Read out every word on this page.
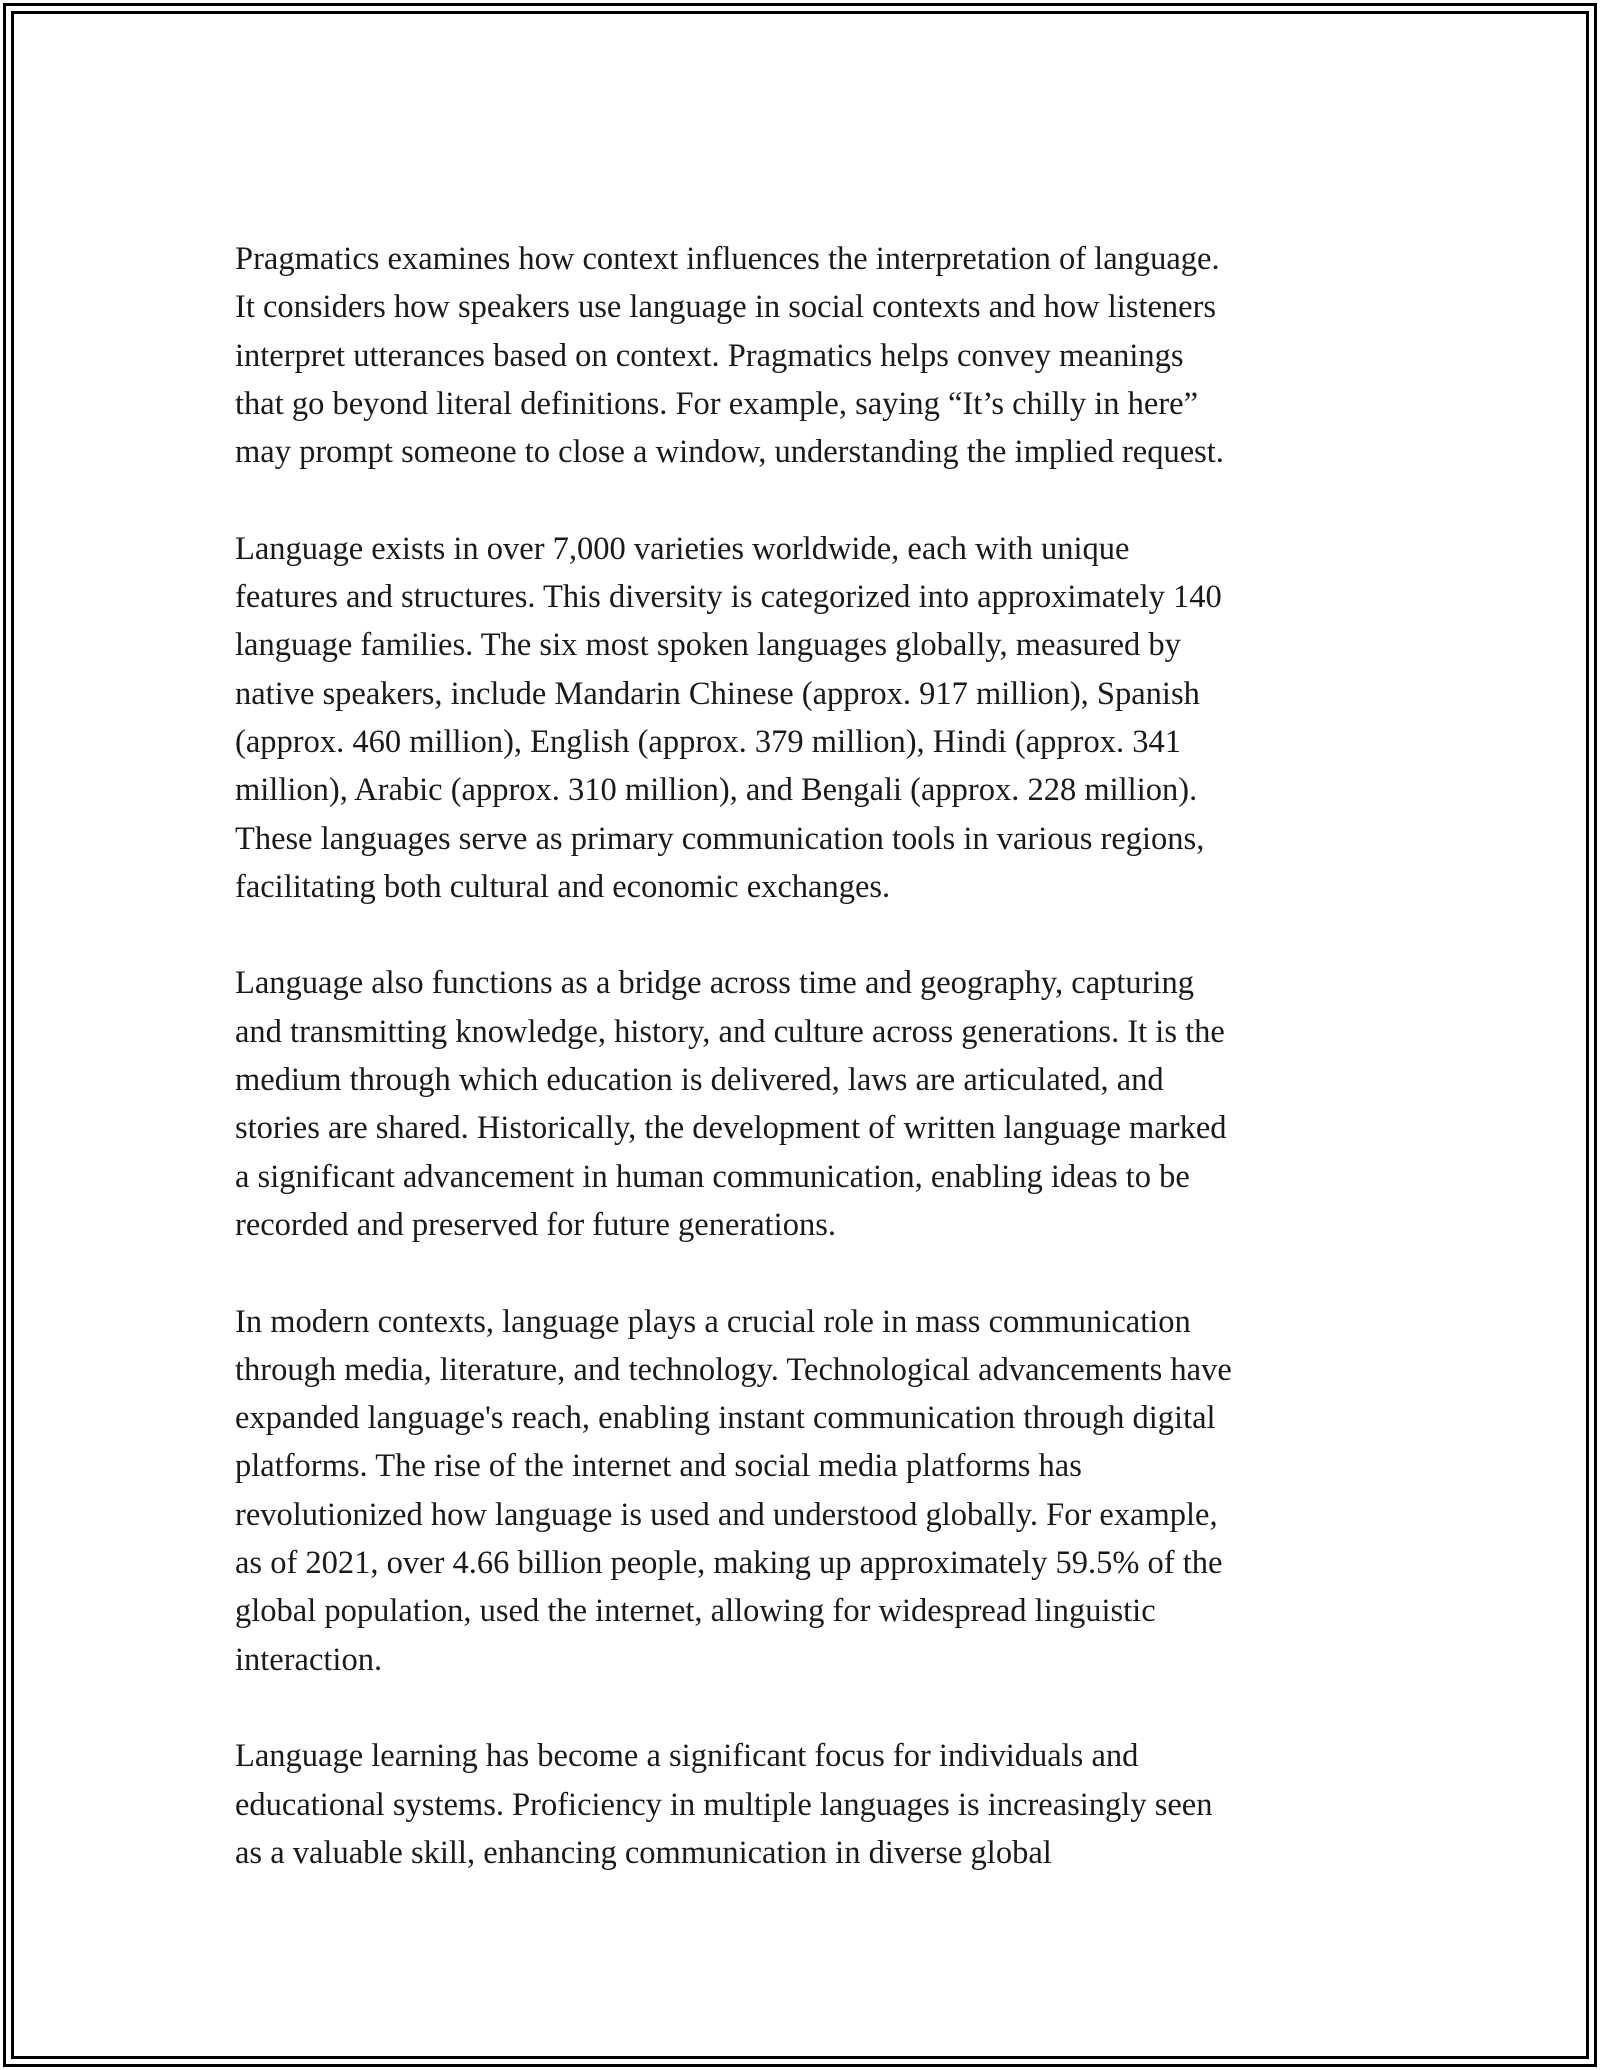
Pragmatics examines how context influences the interpretation of language.
It considers how speakers use language in social contexts and how listeners
interpret utterances based on context. Pragmatics helps convey meanings
that go beyond literal definitions. For example, saying “It’s chilly in here”
may prompt someone to close a window, understanding the implied request.
Language exists in over 7,000 varieties worldwide, each with unique
features and structures. This diversity is categorized into approximately 140
language families. The six most spoken languages globally, measured by
native speakers, include Mandarin Chinese (approx. 917 million), Spanish
(approx. 460 million), English (approx. 379 million), Hindi (approx. 341
million), Arabic (approx. 310 million), and Bengali (approx. 228 million).
These languages serve as primary communication tools in various regions,
facilitating both cultural and economic exchanges.
Language also functions as a bridge across time and geography, capturing
and transmitting knowledge, history, and culture across generations. It is the
medium through which education is delivered, laws are articulated, and
stories are shared. Historically, the development of written language marked
a significant advancement in human communication, enabling ideas to be
recorded and preserved for future generations.
In modern contexts, language plays a crucial role in mass communication
through media, literature, and technology. Technological advancements have
expanded language's reach, enabling instant communication through digital
platforms. The rise of the internet and social media platforms has
revolutionized how language is used and understood globally. For example,
as of 2021, over 4.66 billion people, making up approximately 59.5% of the
global population, used the internet, allowing for widespread linguistic
interaction.
Language learning has become a significant focus for individuals and
educational systems. Proficiency in multiple languages is increasingly seen
as a valuable skill, enhancing communication in diverse global
